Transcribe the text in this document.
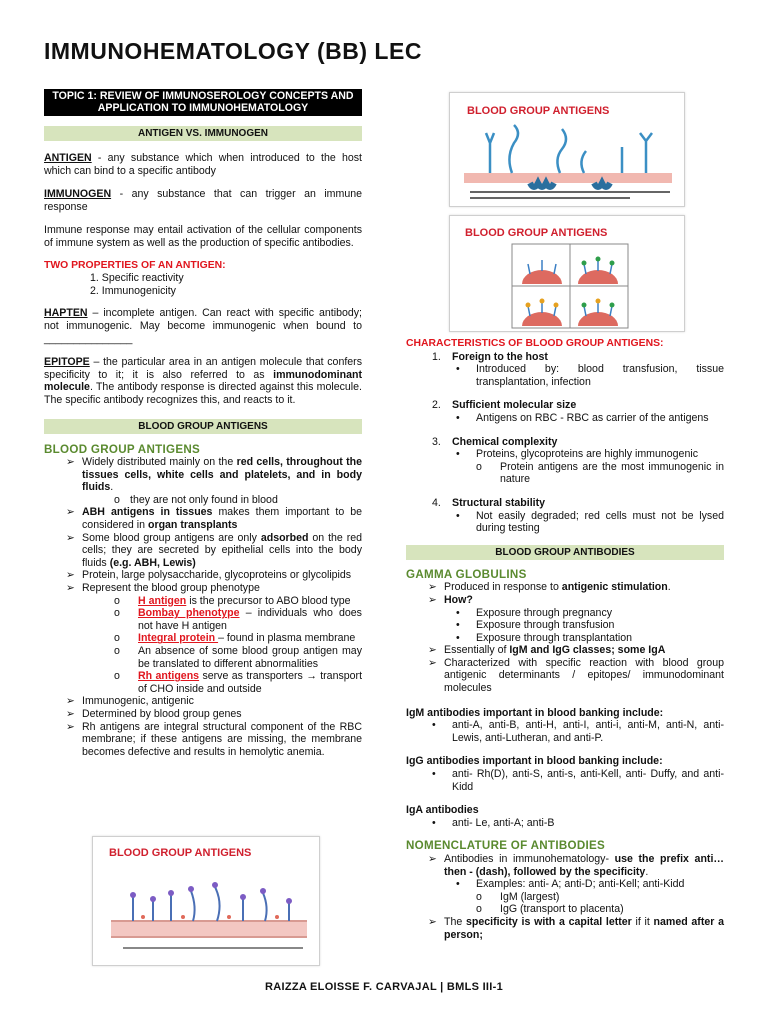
IMMUNOHEMATOLOGY (BB) LEC
TOPIC 1: REVIEW OF IMMUNOSEROLOGY CONCEPTS AND APPLICATION TO IMMUNOHEMATOLOGY
ANTIGEN VS. IMMUNOGEN

ANTIGEN - any substance which when introduced to the host which can bind to a specific antibody

IMMUNOGEN - any substance that can trigger an immune response

Immune response may entail activation of the cellular components of immune system as well as the production of specific antibodies.

TWO PROPERTIES OF AN ANTIGEN:
1. Specific reactivity
2. Immunogenicity

HAPTEN – incomplete antigen. Can react with specific antibody; not immunogenic. May become immunogenic when bound to _______________

EPITOPE – the particular area in an antigen molecule that confers specificity to it; it is also referred to as immunodominant molecule. The antibody response is directed against this molecule. The specific antibody recognizes this, and reacts to it.

BLOOD GROUP ANTIGENS
BLOOD GROUP ANTIGENS
➢ Widely distributed mainly on the red cells, throughout the tissues cells, white cells and platelets, and in body fluids.
o they are not only found in blood
➢ ABH antigens in tissues makes them important to be considered in organ transplants
➢ Some blood group antigens are only adsorbed on the red cells; they are secreted by epithelial cells into the body fluids (e.g. ABH, Lewis)
➢ Protein, large polysaccharide, glycoproteins or glycolipids
➢ Represent the blood group phenotype
o	H antigen is the precursor to ABO blood type
o	Bombay phenotype – individuals who does not have H antigen
o	Integral protein – found in plasma membrane
o	An absence of some blood group antigen may be translated to different abnormalities
o	Rh antigens serve as transporters → transport of CHO inside and outside
➢ Immunogenic, antigenic
➢ Determined by blood group genes
➢ Rh antigens are integral structural component of the RBC membrane; if these antigens are missing, the membrane becomes defective and results in hemolytic anemia.
BLOOD GROUP ANTIGENS
BLOOD GROUP ANTIGENS
BLOOD GROUP ANTIGENS
CHARACTERISTICS OF BLOOD GROUP ANTIGENS:
1.	Foreign to the host
•	Introduced by: blood transfusion, tissue transplantation, infection
2.	Sufficient molecular size
•	Antigens on RBC - RBC as carrier of the antigens
3.	Chemical complexity
•	Proteins, glycoproteins are highly immunogenic
o	Protein antigens are the most immunogenic in nature
4.	Structural stability
•	Not easily degraded; red cells must not be lysed during testing
BLOOD GROUP ANTIBODIES
GAMMA GLOBULINS
➢ Produced in response to antigenic stimulation.
➢ How?
•	Exposure through pregnancy
•	Exposure through transfusion
•	Exposure through transplantation
➢ Essentially of IgM and IgG classes; some IgA
➢ Characterized with specific reaction with blood group antigenic determinants / epitopes/ immunodominant molecules
IgM antibodies important in blood banking include:
•	anti-A, anti-B, anti-H, anti-I, anti-i, anti-M, anti-N, anti-Lewis, anti-Lutheran, and anti-P.
IgG antibodies important in blood banking include:
•	anti- Rh(D), anti-S, anti-s, anti-Kell, anti- Duffy, and anti-Kidd
IgA antibodies
•	anti- Le, anti-A; anti-B
NOMENCLATURE OF ANTIBODIES
➢ Antibodies in immunohematology- use the prefix anti… then - (dash), followed by the specificity.
•	Examples: anti- A; anti-D; anti-Kell; anti-Kidd
o	IgM (largest)
o	IgG (transport to placenta)
➢ The specificity is with a capital letter if it named after a person;
RAIZZA ELOISSE F. CARVAJAL | BMLS III-1
